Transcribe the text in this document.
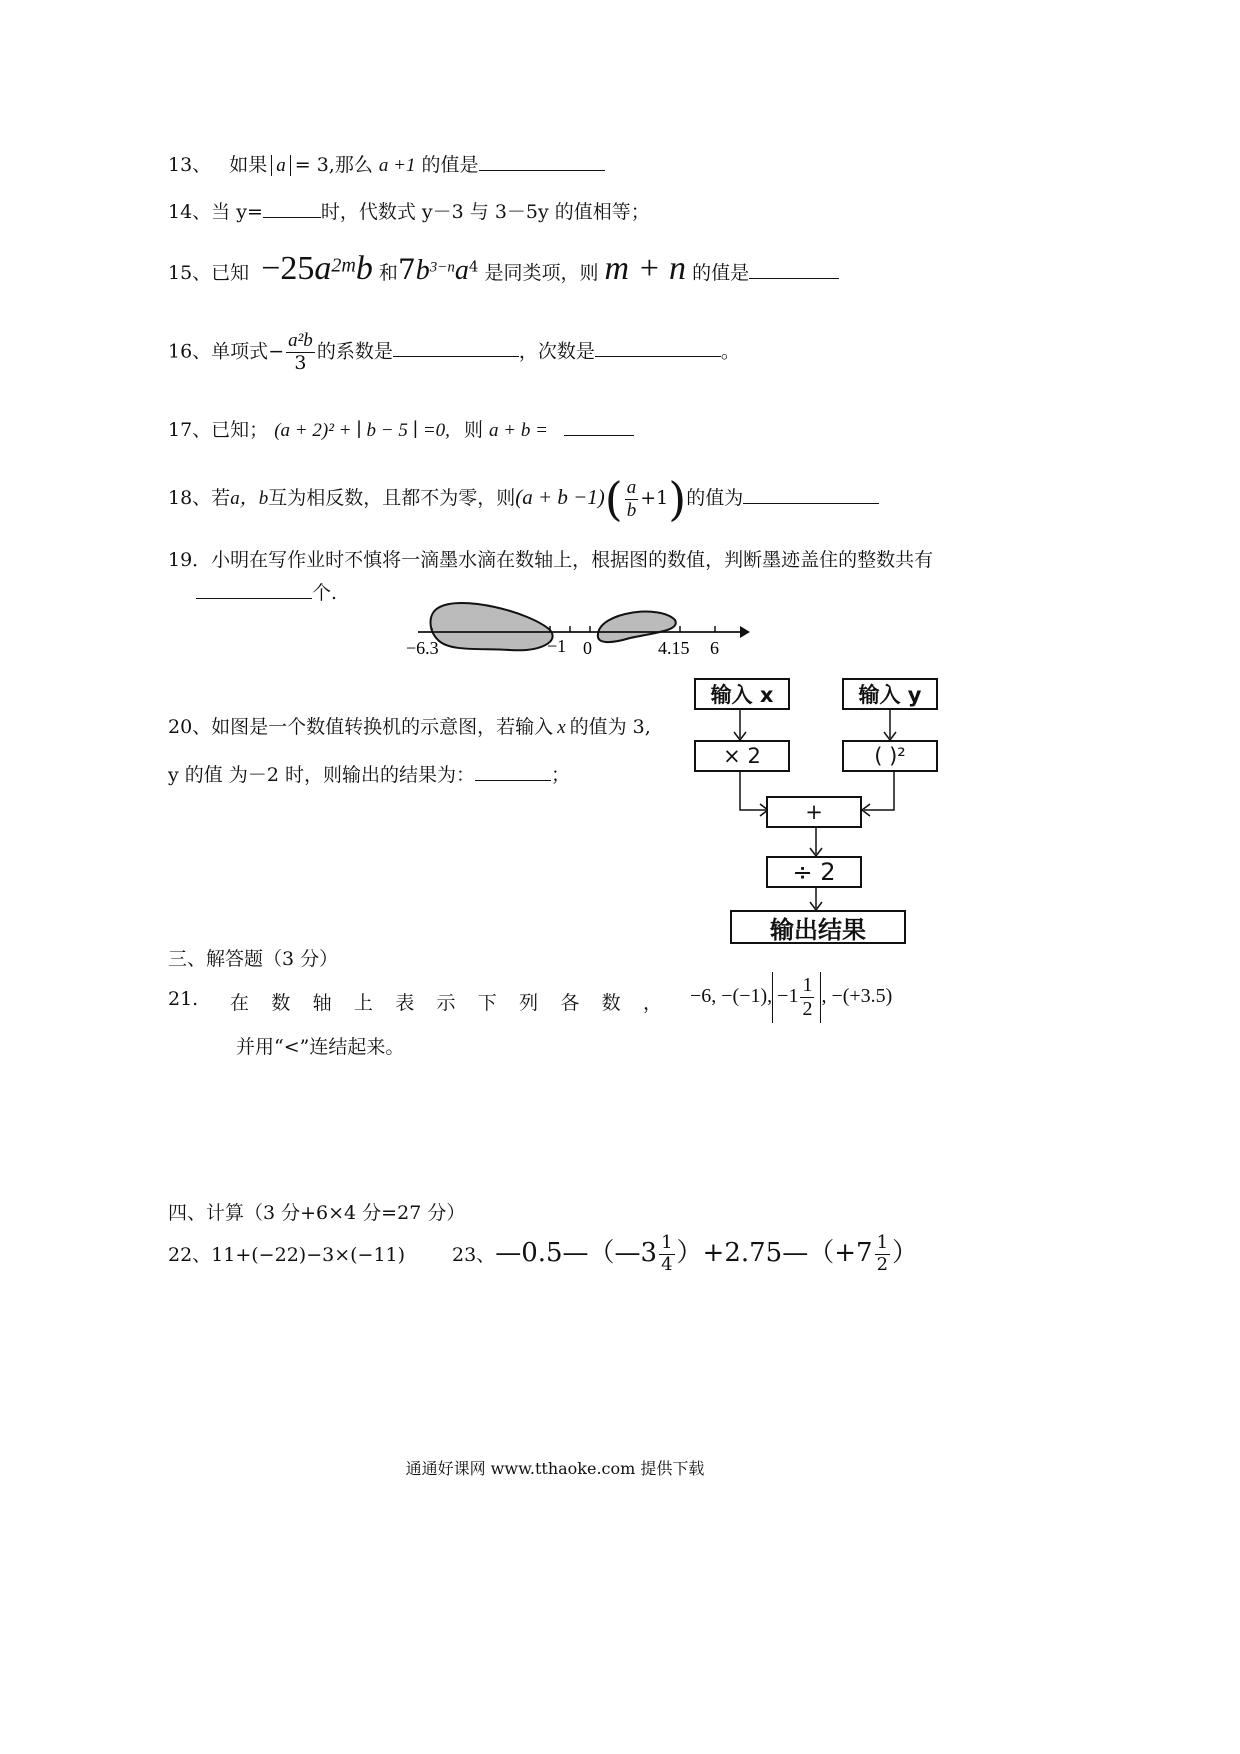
13、 如果 a = 3,那么 a +1 的值是
14、当 y=	时，代数式 y－3 与 3－5y 的值相等；
15、已知 $-25a^{2m}b$ 和$7b^{3-n}a^4$ 是同类项，则 m + n 的值是
16、单项式− $\frac{\text{a²b}}{3}$ 的系数是	，次数是	。
17、已知； (a + 2)² + ∣ b − 5 ∣ =0, 则 a + b =
18、若a，b互为相反数，且都不为零，则$(a + b -1)( \frac{a}{b} +1)$的值为
19．小明在写作业时不慎将一滴墨水滴在数轴上，根据图的数值，判断墨迹盖住的整数共有
个.
−6.3	−1 0	4.15 6
20、如图是一个数值转换机的示意图，若输入 x 的值为 3,
y 的值 为－2 时，则输出的结果为：	；
输入 x	输入 y
× 2	( )²
+
÷ 2
输出结果
三、解答题（3 分）
21. 在 数 轴 上 表 示 下 列 各 数 ， −6, −(−1), $-1 \frac{1}{2}$ , −(+3.5)
并用“<”连结起来。
四、计算（3 分+6×4 分=27 分）
22、11+(−22)−3×(−11) 23、—0.5—（—3 $\frac{1}{4}$ ）+2.75—（+7 $\frac{1}{2}$ ）
通通好课网 www.tthaoke.com 提供下载
